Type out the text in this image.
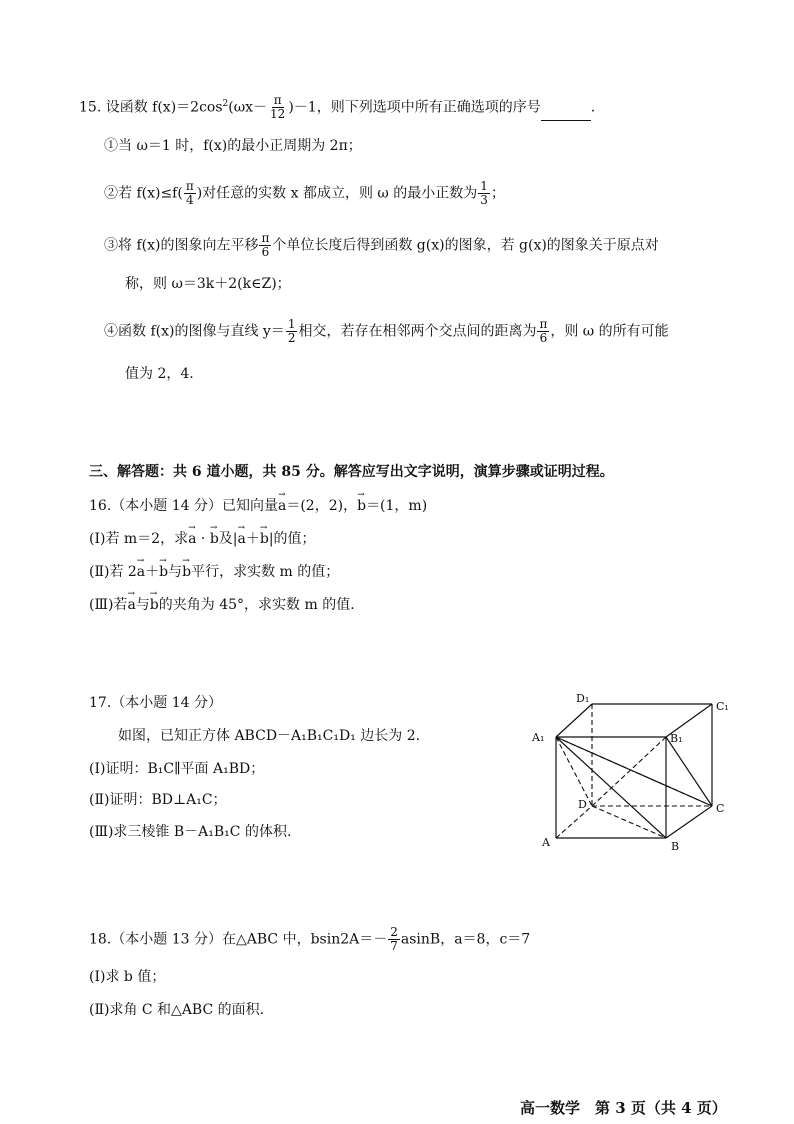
15. 设函数 $f(x)=2\cos^2(\omega x- \frac{\pi}{12} )-1$，则下列选项中所有正确选项的序号	.
①当 ω＝1 时，f(x)的最小正周期为 2π；
②若 $f(x)\le f( \frac{\pi}{4}$ )对任意的实数 x 都成立，则 ω 的最小正数为 $\frac{1}{3}$ ；
③将 f(x)的图象向左平移 $\frac{\pi}{6}$ 个单位长度后得到函数 g(x)的图象，若 g(x)的图象关于原点对
称，则 ω＝3k＋2(k∈Z)；
④函数 f(x)的图像与直线 $y= \frac{1}{2}$ 相交，若存在相邻两个交点间的距离为 $\frac{\pi}{6}$ ，则 ω 的所有可能
值为 2，4.
三、解答题：共 6 道小题，共 85 分。解答应写出文字说明，演算步骤或证明过程。
16.（本小题 14 分）已知向量→ a＝(2，2)，→ b＝(1，m)
(Ⅰ)若 m＝2，求→ a · → b及|→ a＋→ b|的值；
(Ⅱ)若 2→ a＋→ b与→ b平行，求实数 m 的值；
(Ⅲ)若→ a与→ b的夹角为 45°，求实数 m 的值.
17.（本小题 14 分）
如图，已知正方体 ABCD－A₁B₁C₁D₁ 边长为 2.
(Ⅰ)证明：B₁C∥平面 A₁BD；
(Ⅱ)证明：BD⊥A₁C；
(Ⅲ)求三棱锥 B－A₁B₁C 的体积.
D₁
C₁
A₁	B₁
D	C
A	B
18.（本小题 13 分）在△ABC 中，$bsin2A=- \frac{2}{7}$ asinB，a＝8，c＝7
(Ⅰ)求 b 值；
(Ⅱ)求角 C 和△ABC 的面积.
高一数学　第 3 页（共 4 页）
